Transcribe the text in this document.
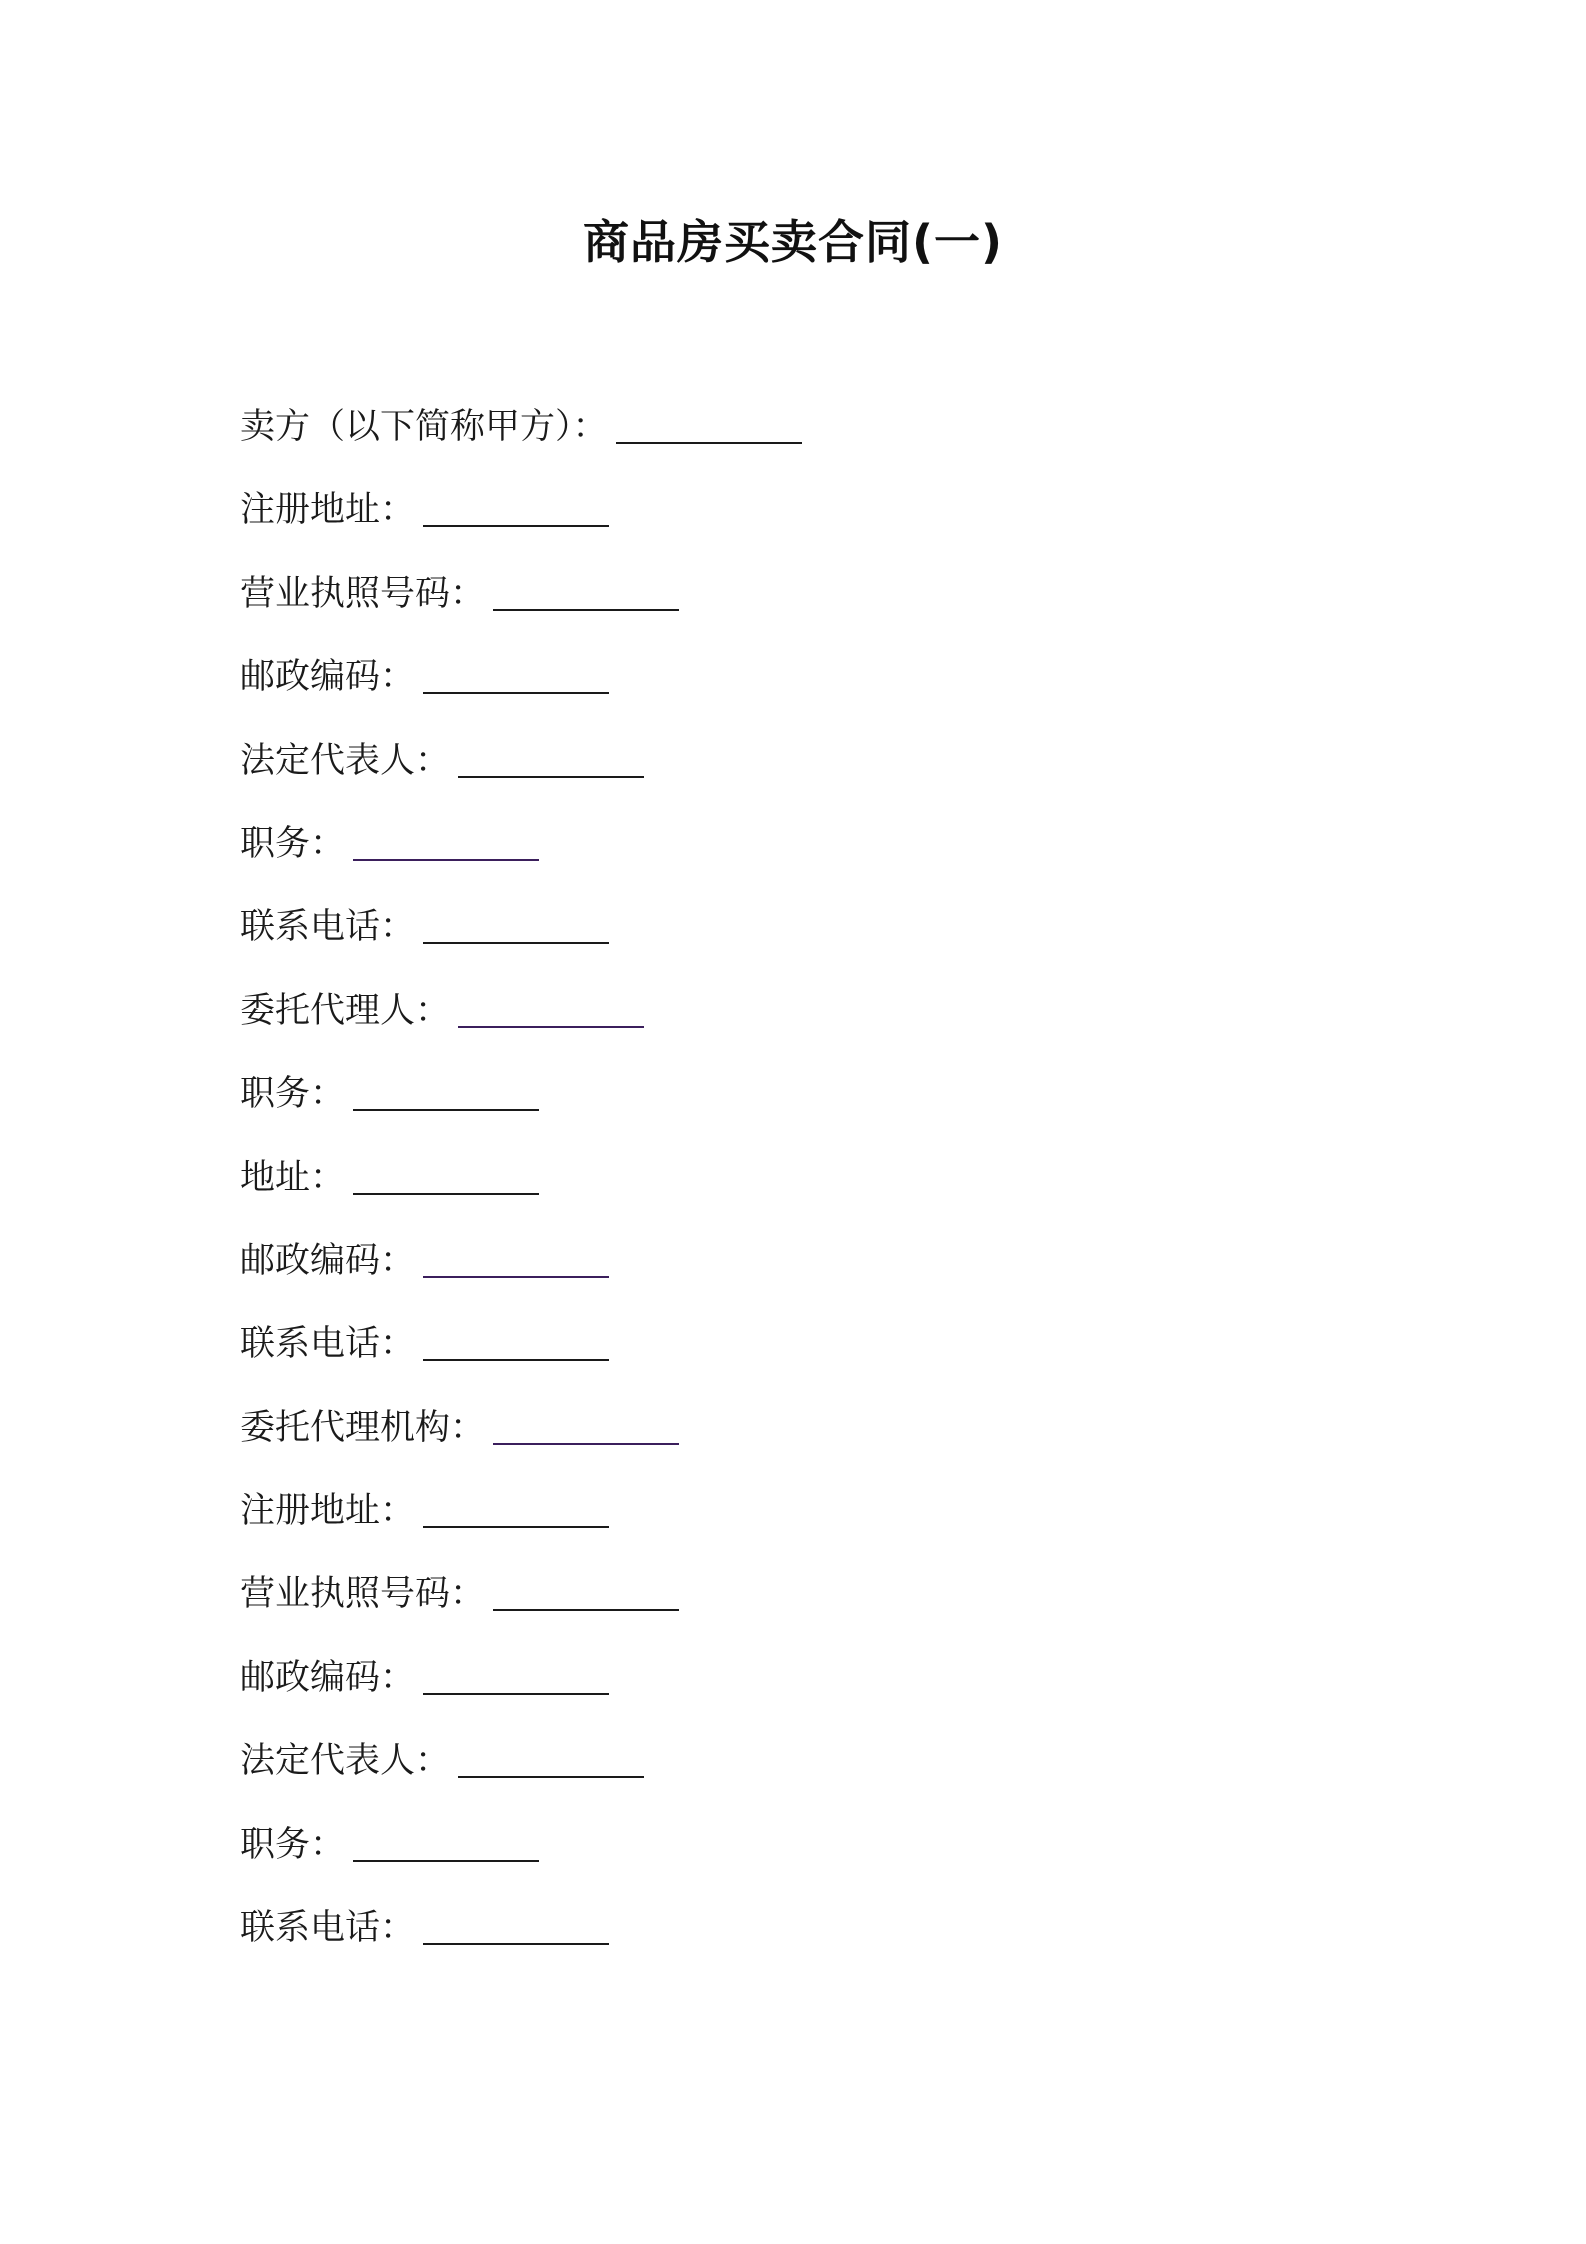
商品房买卖合同(一)
卖方（以下简称甲方）：
注册地址：
营业执照号码：
邮政编码：
法定代表人：
职务：
联系电话：
委托代理人：
职务：
地址：
邮政编码：
联系电话：
委托代理机构：
注册地址：
营业执照号码：
邮政编码：
法定代表人：
职务：
联系电话：
